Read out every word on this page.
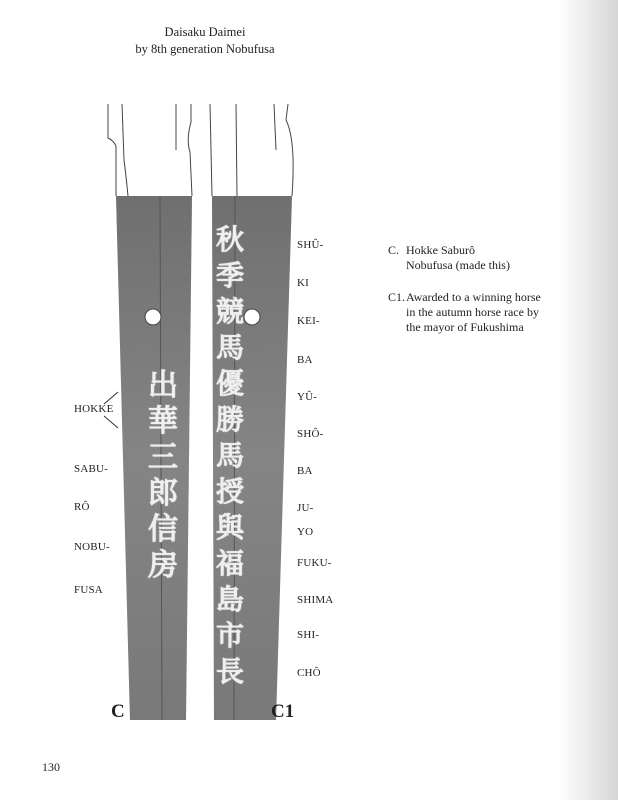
Daisaku Daimei
by 8th generation Nobufusa
出
華
三
郎
信
房
秋
季
競
馬
優
勝
馬
授
與
福
島
市
長
HOKKE
SABU-
RÔ
NOBU-
FUSA
SHÛ-
KI
KEI-
BA
YÛ-
SHÔ-
BA
JU-
YO
FUKU-
SHIMA
SHI-
CHÔ
C	C1
C. Hokke Saburô
Nobufusa (made this)
C1. Awarded to a winning horse
in the autumn horse race by
the mayor of Fukushima
130
